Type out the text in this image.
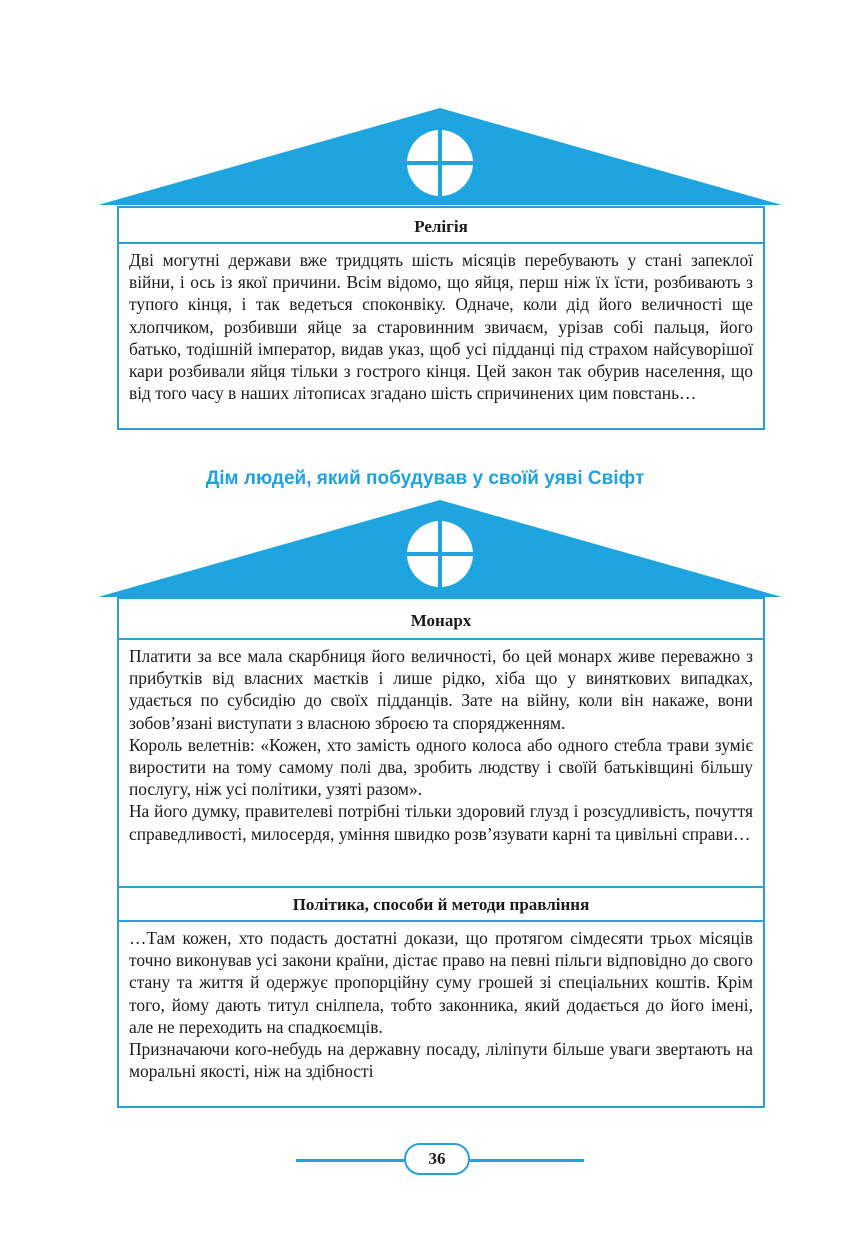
Релігія

Дві могутні держави вже тридцять шість місяців перебувають у стані запеклої війни, і ось із якої причини. Всім відомо, що яйця, перш ніж їх їсти, розбивають з тупого кінця, і так ведеться споконвіку. Одначе, коли дід його величності ще хлопчиком, розбивши яйце за старовинним звичаєм, урізав собі пальця, його батько, тодішній імператор, видав указ, щоб усі підданці під страхом найсуворішої кари розбивали яйця тільки з гострого кінця. Цей закон так обурив населення, що від того часу в наших літописах згадано шість спричинених цим повстань…

Дім людей, який побудував у своїй уяві Свіфт
Монарх

Платити за все мала скарбниця його величності, бо цей монарх живе переважно з прибутків від власних маєтків і лише рідко, хіба що у виняткових випадках, удається по субсидію до своїх підданців. Зате на війну, коли він накаже, вони зобов’язані виступати з власною зброєю та спорядженням.

Король велетнів: «Кожен, хто замість одного колоса або одного стебла трави зуміє виростити на тому самому полі два, зробить людству і своїй батьківщині більшу послугу, ніж усі політики, узяті разом».

На його думку, правителеві потрібні тільки здоровий глузд і розсудливість, почуття справедливості, милосердя, уміння швидко розв’язувати карні та цивільні справи…

Політика, способи й методи правління

…Там кожен, хто подасть достатні докази, що протягом сімдесяти трьох місяців точно виконував усі закони країни, дістає право на певні пільги відповідно до свого стану та життя й одержує пропорційну суму грошей зі спеціальних коштів. Крім того, йому дають титул снілпела, тобто законника, який додається до його імені, але не переходить на спадкоємців.

Призначаючи кого-небудь на державну посаду, ліліпути більше уваги звертають на моральні якості, ніж на здібності

36
